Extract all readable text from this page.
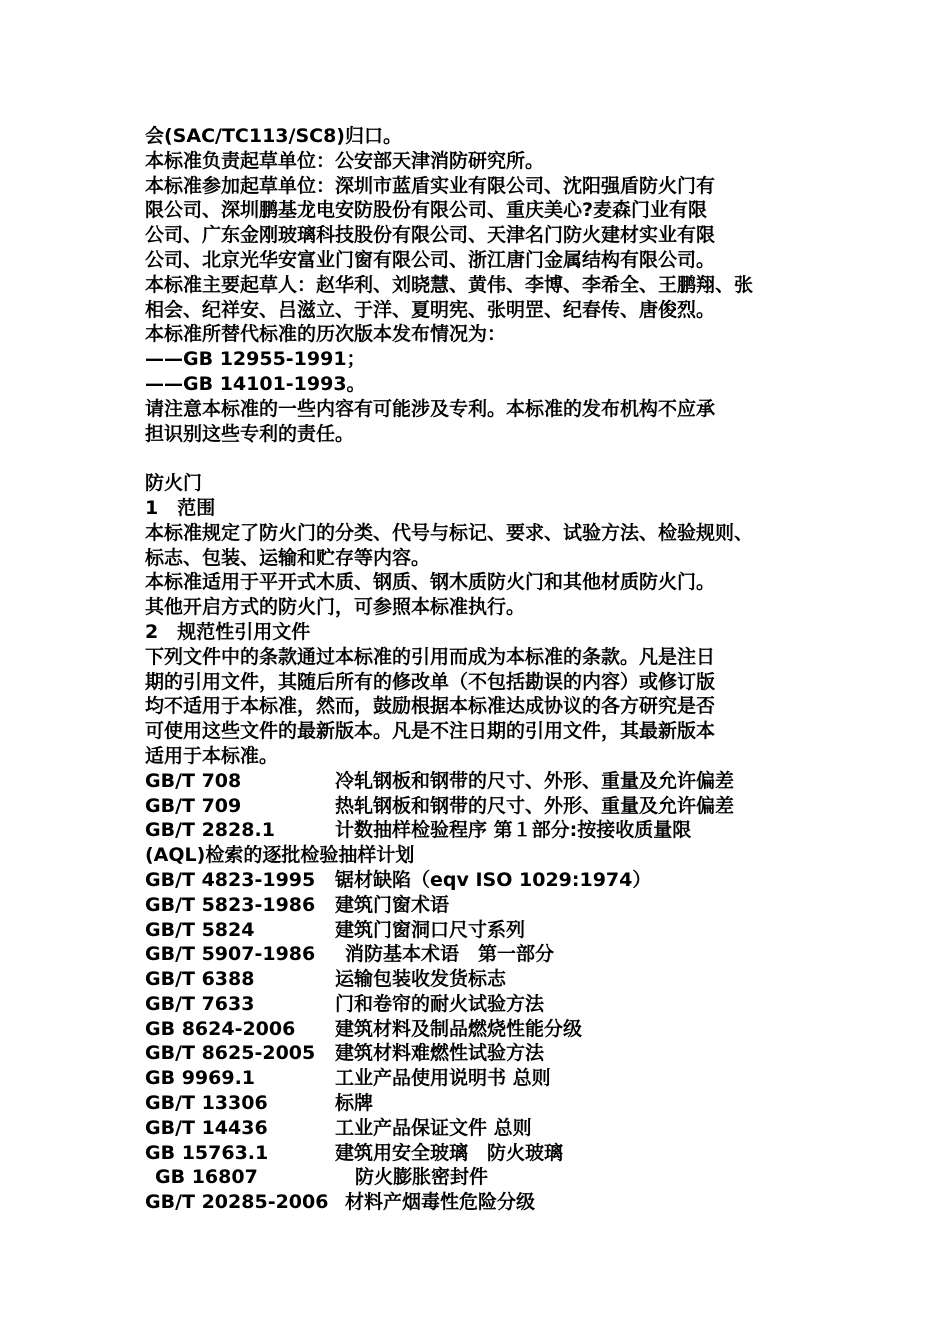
会(SAC/TC113/SC8)归口。
本标准负责起草单位：公安部天津消防研究所。
本标准参加起草单位：深圳市蓝盾实业有限公司、沈阳强盾防火门有
限公司、深圳鹏基龙电安防股份有限公司、重庆美心?麦森门业有限
公司、广东金刚玻璃科技股份有限公司、天津名门防火建材实业有限
公司、北京光华安富业门窗有限公司、浙江唐门金属结构有限公司。
本标准主要起草人：赵华利、刘晓慧、黄伟、李博、李希全、王鹏翔、张
相会、纪祥安、吕滋立、于洋、夏明宪、张明罡、纪春传、唐俊烈。
本标准所替代标准的历次版本发布情况为：
——GB 12955-1991；
——GB 14101-1993。
请注意本标准的一些内容有可能涉及专利。本标准的发布机构不应承
担识别这些专利的责任。
防火门
1　范围
本标准规定了防火门的分类、代号与标记、要求、试验方法、检验规则、
标志、包装、运输和贮存等内容。
本标准适用于平开式木质、钢质、钢木质防火门和其他材质防火门。
其他开启方式的防火门，可参照本标准执行。
2　规范性引用文件
下列文件中的条款通过本标准的引用而成为本标准的条款。凡是注日
期的引用文件，其随后所有的修改单（不包括勘误的内容）或修订版
均不适用于本标准，然而，鼓励根据本标准达成协议的各方研究是否
可使用这些文件的最新版本。凡是不注日期的引用文件，其最新版本
适用于本标准。
GB/T 708	冷轧钢板和钢带的尺寸、外形、重量及允许偏差
GB/T 709	热轧钢板和钢带的尺寸、外形、重量及允许偏差
GB/T 2828.1	计数抽样检验程序 第１部分:按接收质量限
(AQL)检索的逐批检验抽样计划
GB/T 4823-1995	锯材缺陷（eqv ISO 1029:1974）
GB/T 5823-1986	建筑门窗术语
GB/T 5824	建筑门窗洞口尺寸系列
GB/T 5907-1986	消防基本术语　第一部分
GB/T 6388	运输包装收发货标志
GB/T 7633	门和卷帘的耐火试验方法
GB 8624-2006	建筑材料及制品燃烧性能分级
GB/T 8625-2005	建筑材料难燃性试验方法
GB 9969.1	工业产品使用说明书 总则
GB/T 13306	标牌
GB/T 14436	工业产品保证文件 总则
GB 15763.1	建筑用安全玻璃　防火玻璃
GB 16807	防火膨胀密封件
GB/T 20285-2006 材料产烟毒性危险分级
